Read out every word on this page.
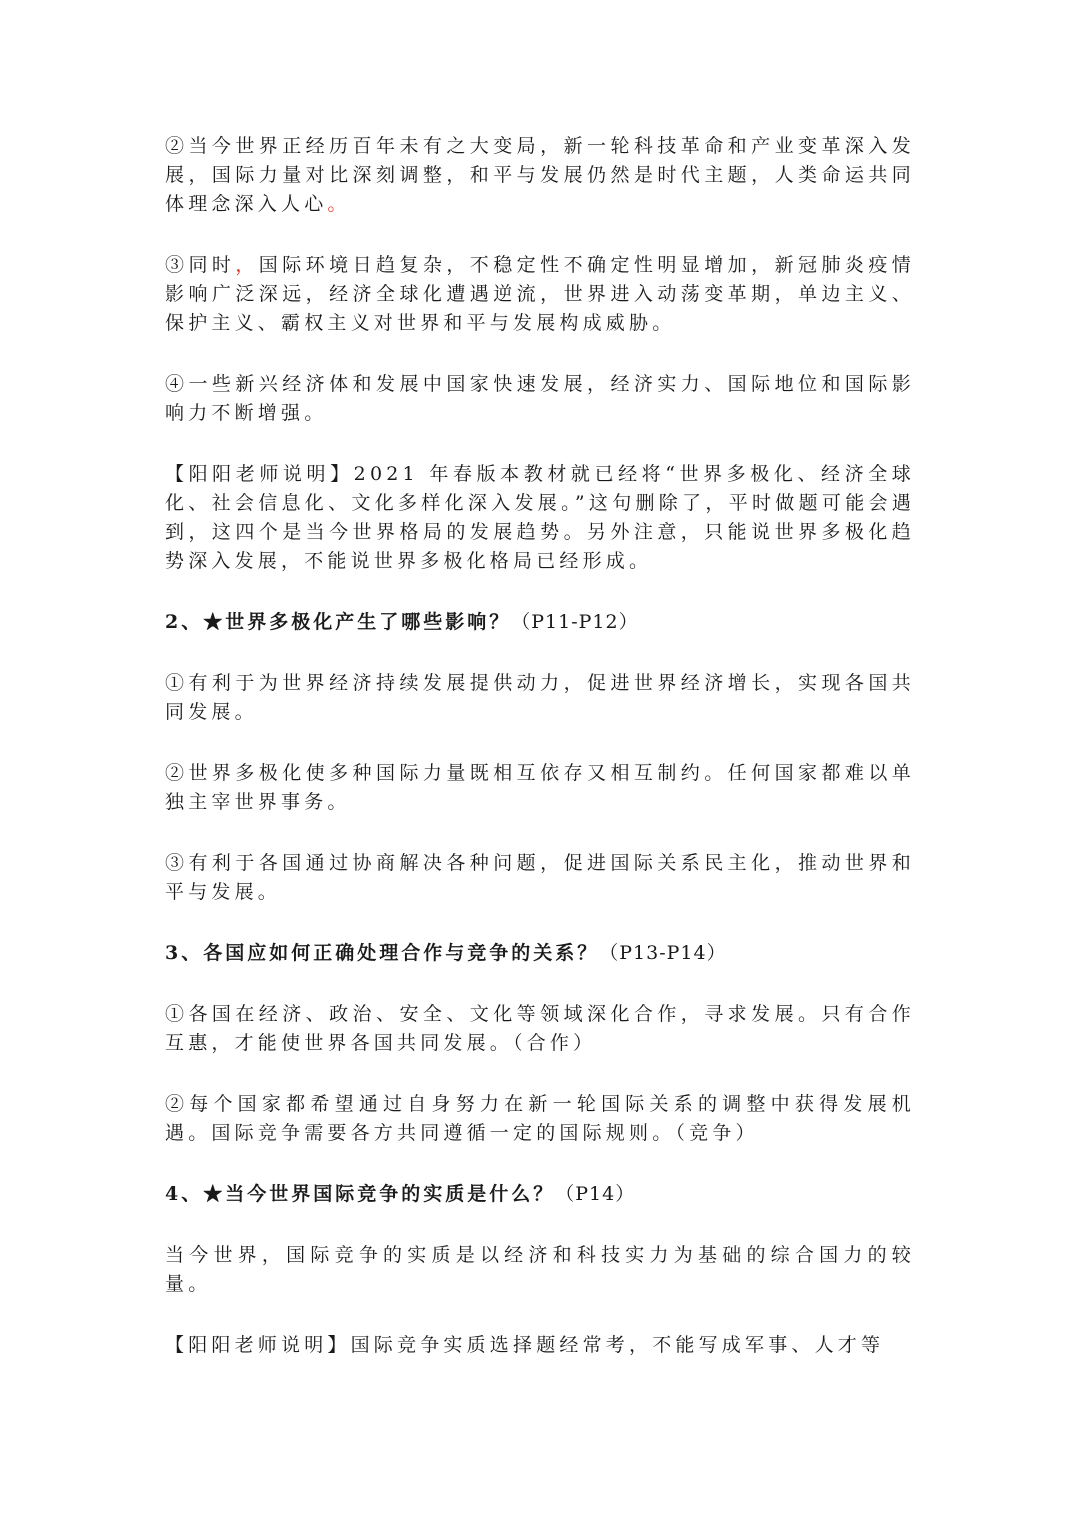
②当今世界正经历百年未有之大变局，新一轮科技革命和产业变革深入发展，国际力量对比深刻调整，和平与发展仍然是时代主题，人类命运共同体理念深入人心。

③同时，国际环境日趋复杂，不稳定性不确定性明显增加，新冠肺炎疫情影响广泛深远，经济全球化遭遇逆流，世界进入动荡变革期，单边主义、保护主义、霸权主义对世界和平与发展构成威胁。

④一些新兴经济体和发展中国家快速发展，经济实力、国际地位和国际影响力不断增强。

【阳阳老师说明】2021 年春版本教材就已经将“世界多极化、经济全球化、社会信息化、文化多样化深入发展。”这句删除了，平时做题可能会遇到，这四个是当今世界格局的发展趋势。另外注意，只能说世界多极化趋势深入发展，不能说世界多极化格局已经形成。

2、★世界多极化产生了哪些影响？（P11-P12）

①有利于为世界经济持续发展提供动力，促进世界经济增长，实现各国共同发展。

②世界多极化使多种国际力量既相互依存又相互制约。任何国家都难以单独主宰世界事务。

③有利于各国通过协商解决各种问题，促进国际关系民主化，推动世界和平与发展。

3、各国应如何正确处理合作与竞争的关系？（P13-P14）

①各国在经济、政治、安全、文化等领域深化合作，寻求发展。只有合作互惠，才能使世界各国共同发展。（合作）

②每个国家都希望通过自身努力在新一轮国际关系的调整中获得发展机遇。国际竞争需要各方共同遵循一定的国际规则。（竞争）

4、★当今世界国际竞争的实质是什么？（P14）

当今世界，国际竞争的实质是以经济和科技实力为基础的综合国力的较量。

【阳阳老师说明】国际竞争实质选择题经常考，不能写成军事、人才等
